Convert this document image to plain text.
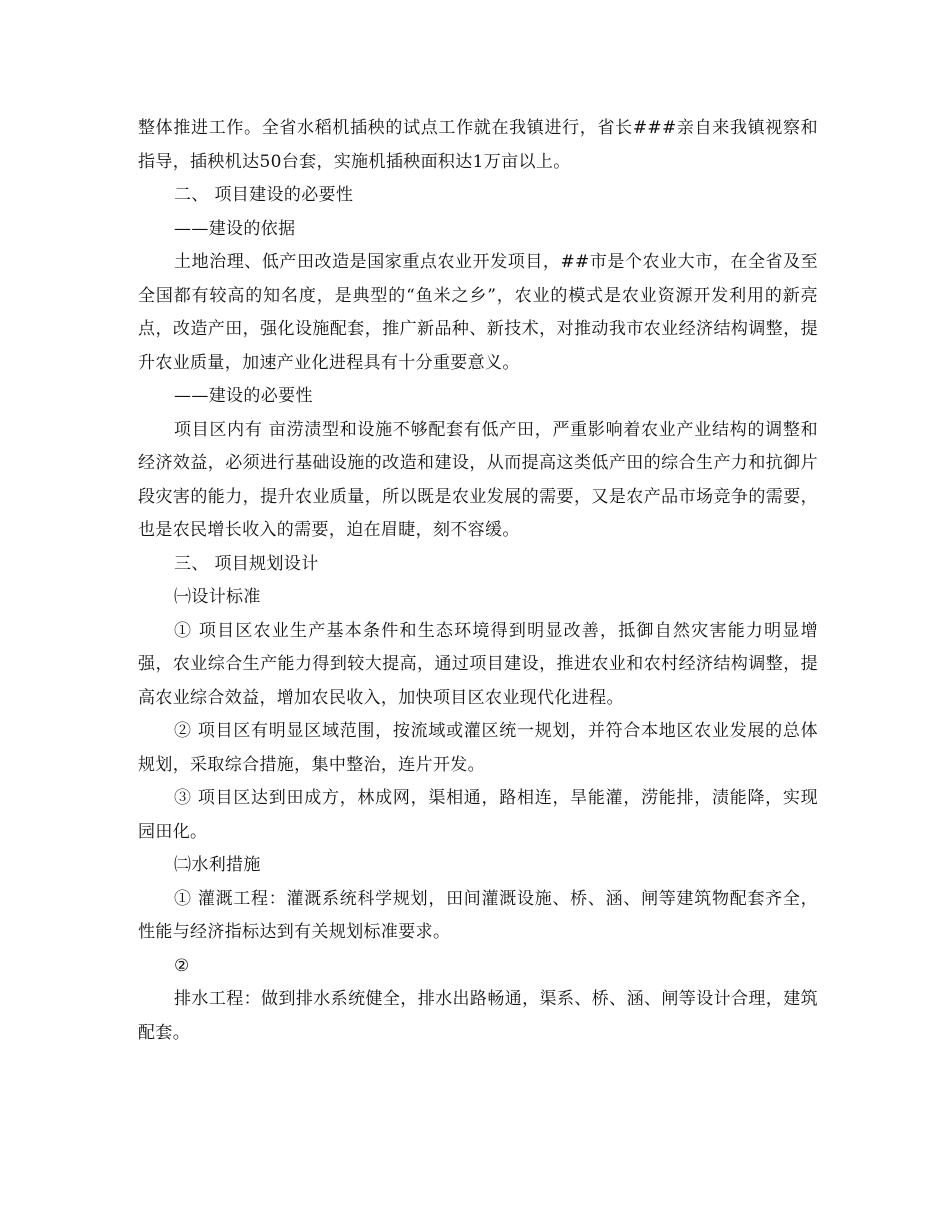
整体推进工作。全省水稻机插秧的试点工作就在我镇进行，省长###亲自来我镇视察和指导，插秧机达50台套，实施机插秧面积达1万亩以上。

二、 项目建设的必要性

——建设的依据

土地治理、低产田改造是国家重点农业开发项目，##市是个农业大市，在全省及至全国都有较高的知名度，是典型的“鱼米之乡”，农业的模式是农业资源开发利用的新亮点，改造产田，强化设施配套，推广新品种、新技术，对推动我市农业经济结构调整，提升农业质量，加速产业化进程具有十分重要意义。

——建设的必要性

项目区内有 亩涝渍型和设施不够配套有低产田，严重影响着农业产业结构的调整和经济效益，必须进行基础设施的改造和建设，从而提高这类低产田的综合生产力和抗御片段灾害的能力，提升农业质量，所以既是农业发展的需要，又是农产品市场竞争的需要，也是农民增长收入的需要，迫在眉睫，刻不容缓。

三、 项目规划设计

㈠设计标准

① 项目区农业生产基本条件和生态环境得到明显改善，抵御自然灾害能力明显增强，农业综合生产能力得到较大提高，通过项目建设，推进农业和农村经济结构调整，提高农业综合效益，增加农民收入，加快项目区农业现代化进程。

② 项目区有明显区域范围，按流域或灌区统一规划，并符合本地区农业发展的总体规划，采取综合措施，集中整治，连片开发。

③ 项目区达到田成方，林成网，渠相通，路相连，旱能灌，涝能排，渍能降，实现园田化。

㈡水利措施

① 灌溉工程：灌溉系统科学规划，田间灌溉设施、桥、涵、闸等建筑物配套齐全，性能与经济指标达到有关规划标准要求。

②

排水工程：做到排水系统健全，排水出路畅通，渠系、桥、涵、闸等设计合理，建筑配套。
